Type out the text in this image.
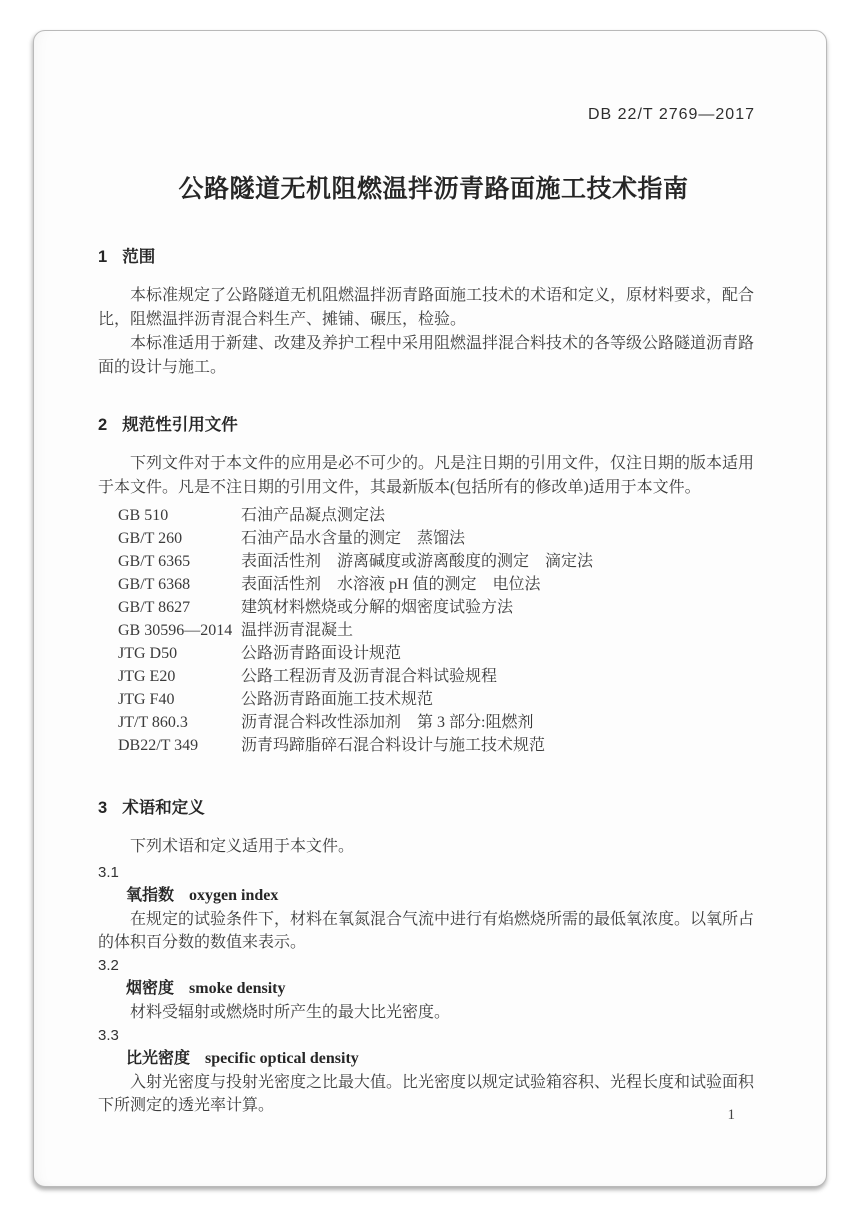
DB 22/T 2769—2017
公路隧道无机阻燃温拌沥青路面施工技术指南
1 范围

本标准规定了公路隧道无机阻燃温拌沥青路面施工技术的术语和定义，原材料要求，配合比，阻燃温拌沥青混合料生产、摊铺、碾压，检验。

本标准适用于新建、改建及养护工程中采用阻燃温拌混合料技术的各等级公路隧道沥青路面的设计与施工。

2 规范性引用文件

下列文件对于本文件的应用是必不可少的。凡是注日期的引用文件，仅注日期的版本适用于本文件。凡是不注日期的引用文件，其最新版本(包括所有的修改单)适用于本文件。

GB 510	石油产品凝点测定法
GB/T 260	石油产品水含量的测定　蒸馏法
GB/T 6365	表面活性剂　游离碱度或游离酸度的测定　滴定法
GB/T 6368	表面活性剂　水溶液 pH 值的测定　电位法
GB/T 8627	建筑材料燃烧或分解的烟密度试验方法
GB 30596—2014 温拌沥青混凝土
JTG D50	公路沥青路面设计规范
JTG E20	公路工程沥青及沥青混合料试验规程
JTG F40	公路沥青路面施工技术规范
JT/T 860.3	沥青混合料改性添加剂　第 3 部分:阻燃剂
DB22/T 349	沥青玛蹄脂碎石混合料设计与施工技术规范
3 术语和定义

下列术语和定义适用于本文件。

3.1
氧指数 oxygen index

在规定的试验条件下，材料在氧氮混合气流中进行有焰燃烧所需的最低氧浓度。以氧所占的体积百分数的数值来表示。

3.2
烟密度 smoke density

材料受辐射或燃烧时所产生的最大比光密度。

3.3
比光密度 specific optical density

入射光密度与投射光密度之比最大值。比光密度以规定试验箱容积、光程长度和试验面积下所测定的透光率计算。

1
